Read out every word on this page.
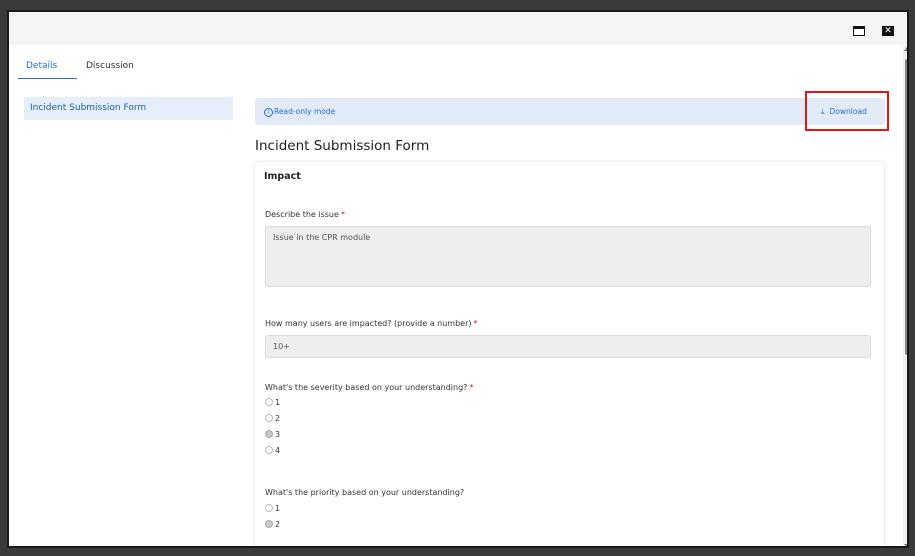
✕
Details	Discussion
Incident Submission Form	i Read-only mode	⤓ Download
Incident Submission Form
Impact
Describe the issue *
Issue in the CPR module
How many users are impacted? (provide a number) *
10+
What's the severity based on your understanding? *
1
2
3
4
What's the priority based on your understanding?
1
2
